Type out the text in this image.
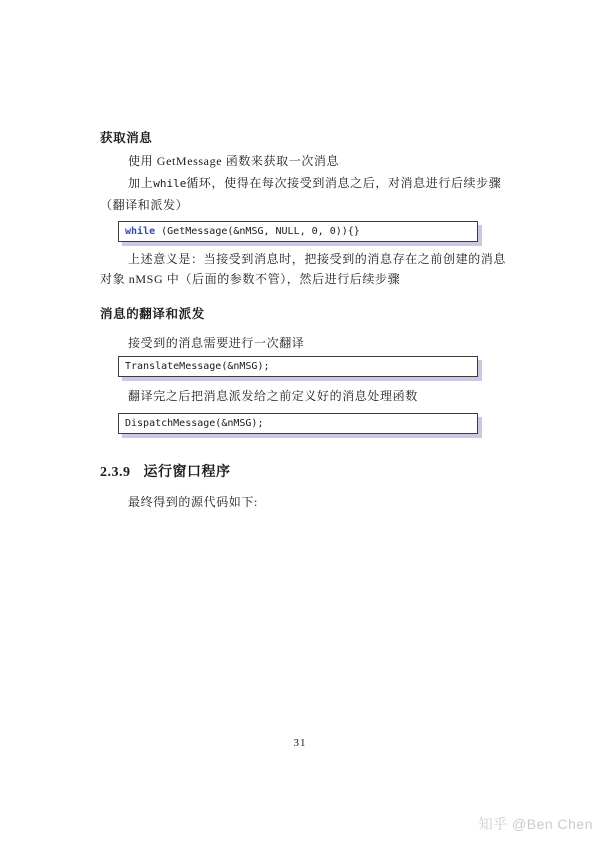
获取消息
使用 GetMessage 函数来获取一次消息
加上while循环，使得在每次接受到消息之后，对消息进行后续步骤
（翻译和派发）
while (GetMessage(&nMSG, NULL, 0, 0)){}
上述意义是：当接受到消息时，把接受到的消息存在之前创建的消息
对象 nMSG 中（后面的参数不管），然后进行后续步骤
消息的翻译和派发
接受到的消息需要进行一次翻译
TranslateMessage(&nMSG);
翻译完之后把消息派发给之前定义好的消息处理函数
DispatchMessage(&nMSG);
2.3.9 运行窗口程序
最终得到的源代码如下:
31
知乎 @Ben Chen
